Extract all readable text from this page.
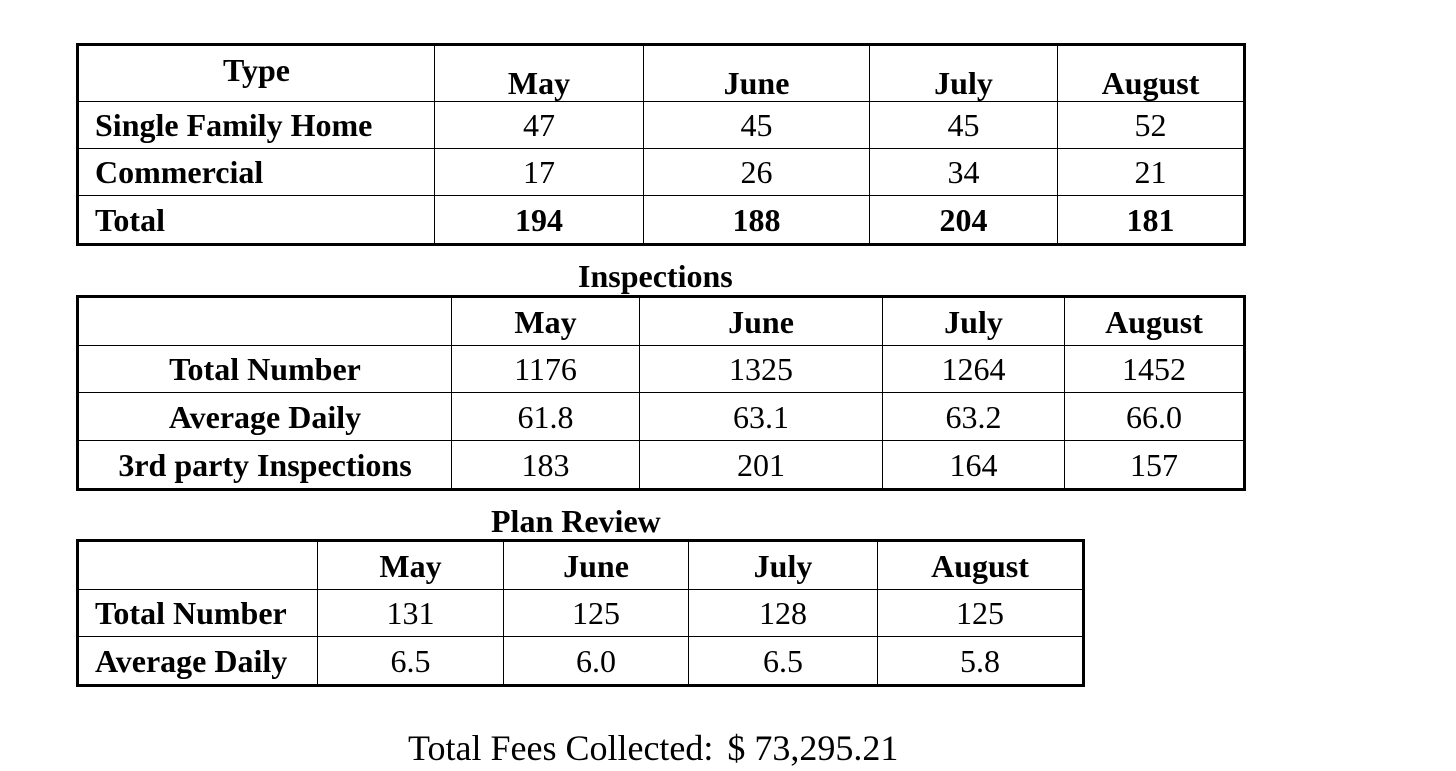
Type	May	June	July	August
Single Family Home	47	45	45	52
Commercial	17	26	34	21
Total	194	188	204	181
Inspections
	May	June	July	August
Total Number	1176	1325	1264	1452
Average Daily	61.8	63.1	63.2	66.0
3rd party Inspections	183	201	164	157
Plan Review
	May	June	July	August
Total Number	131	125	128	125
Average Daily	6.5	6.0	6.5	5.8
Total Fees Collected: $ 73,295.21
